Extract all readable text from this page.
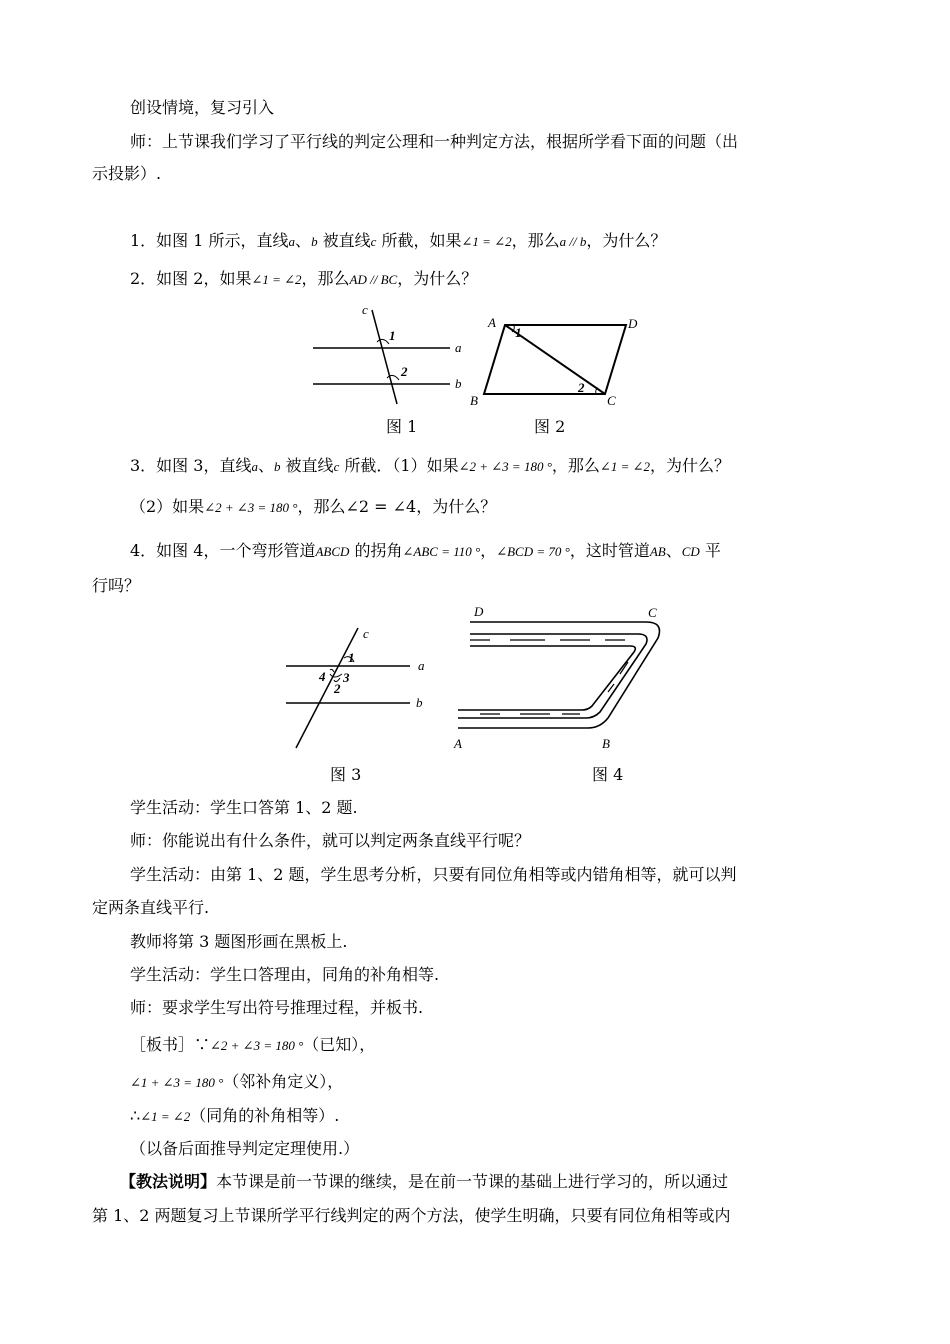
创设情境，复习引入
师：上节课我们学习了平行线的判定公理和一种判定方法，根据所学看下面的问题（出
示投影）.
1．如图 1 所示，直线a、b 被直线c 所截，如果∠1 = ∠2，那么a // b，为什么？
2．如图 2，如果∠1 = ∠2，那么AD // BC，为什么？
c
a
b
1
2
A	D
B	C
1
2
图 1	图 2
3．如图 3，直线a、b 被直线c 所截．（1）如果∠2 + ∠3 = 180 °，那么∠1 = ∠2，为什么？
（2）如果∠2 + ∠3 = 180 °，那么∠2 = ∠4，为什么？
4．如图 4，一个弯形管道ABCD 的拐角∠ABC = 110 °，∠BCD = 70 °，这时管道AB、CD 平
行吗？
c
a
b
1
4 3
2
D	C
A	B
图 3	图 4
学生活动：学生口答第 1、2 题.
师：你能说出有什么条件，就可以判定两条直线平行呢？
学生活动：由第 1、2 题，学生思考分析，只要有同位角相等或内错角相等，就可以判
定两条直线平行.
教师将第 3 题图形画在黑板上.
学生活动：学生口答理由，同角的补角相等.
师：要求学生写出符号推理过程，并板书.
［板书］∵∠2 + ∠3 = 180 °（已知），
∠1 + ∠3 = 180 °（邻补角定义），
∴∠1 = ∠2（同角的补角相等）.
（以备后面推导判定定理使用.）
【教法说明】本节课是前一节课的继续，是在前一节课的基础上进行学习的，所以通过
第 1、2 两题复习上节课所学平行线判定的两个方法，使学生明确，只要有同位角相等或内
